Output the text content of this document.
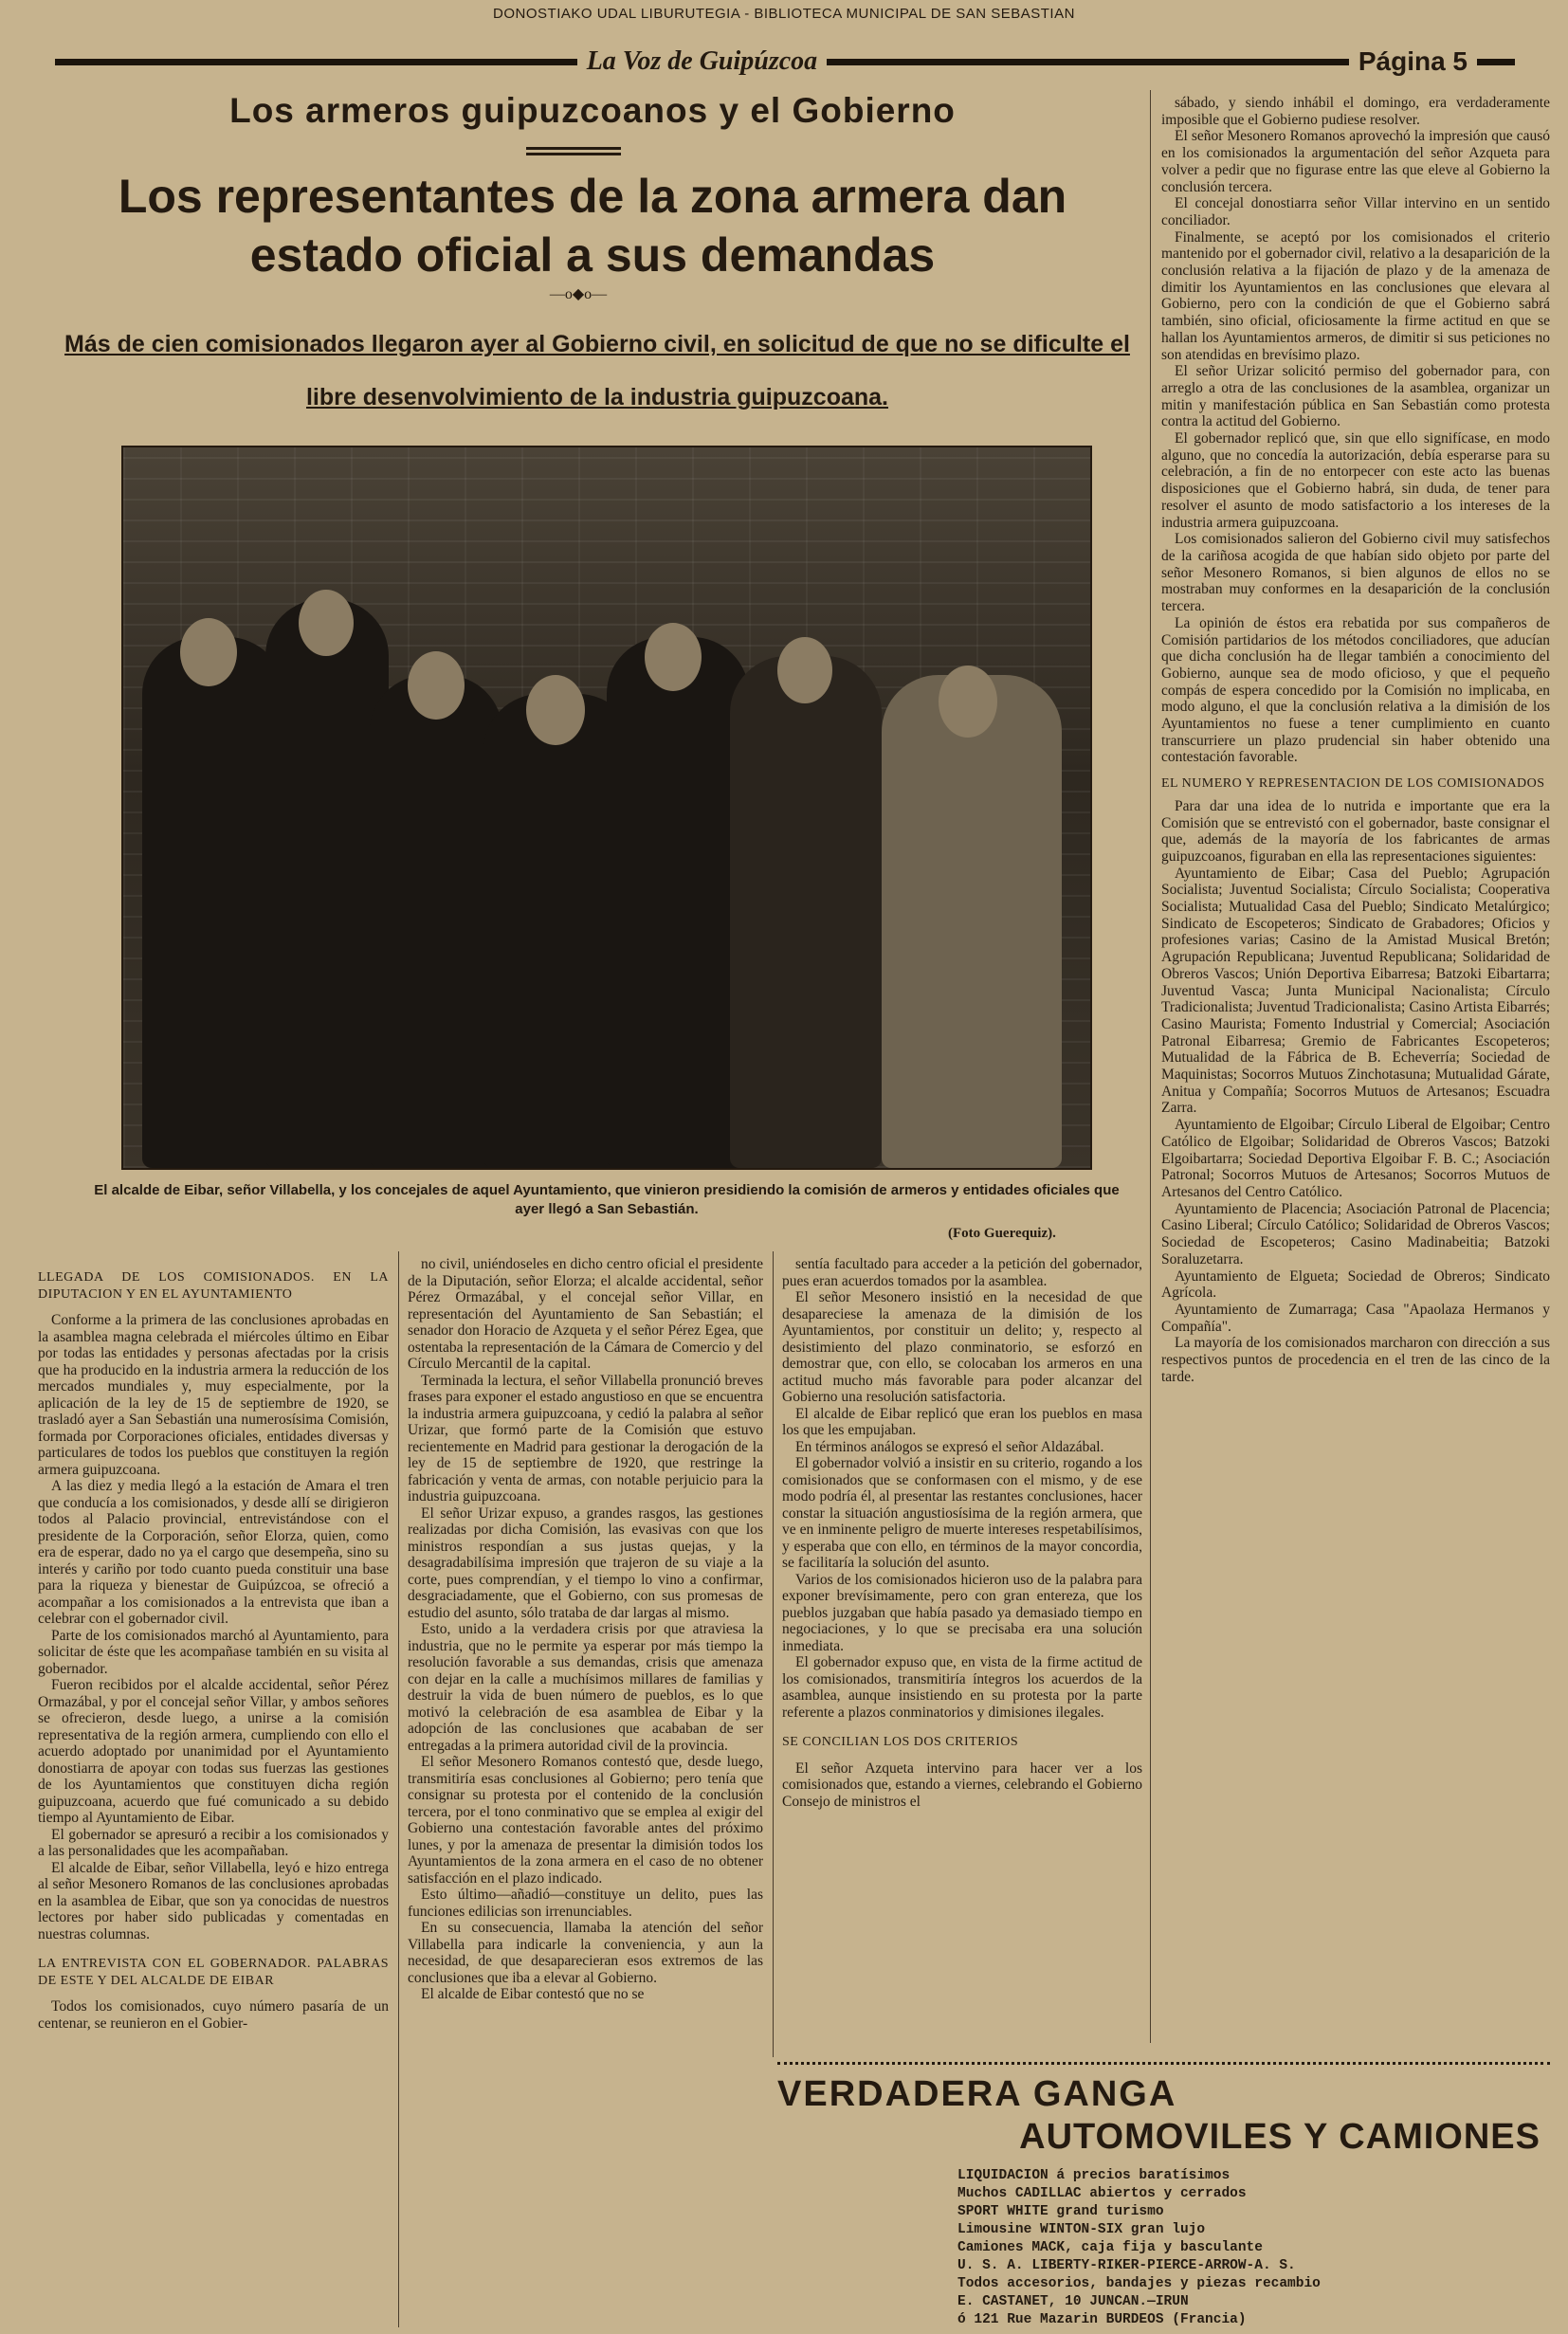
DONOSTIAKO UDAL LIBURUTEGIA - BIBLIOTECA MUNICIPAL DE SAN SEBASTIAN
La Voz de Guipúzcoa	Página 5
Los armeros guipuzcoanos y el Gobierno
Los representantes de la zona armera dan estado oficial a sus demandas
—o◆o—
Más de cien comisionados llegaron ayer al Gobierno civil, en solicitud de que no se dificulte el libre desenvolvimiento de la industria guipuzcoana.
El alcalde de Eibar, señor Villabella, y los concejales de aquel Ayuntamiento, que vinieron presidiendo la comisión de armeros y entidades oficiales que ayer llegó a San Sebastián.
(Foto Guerequiz).

sábado, y siendo inhábil el domingo, era verdaderamente imposible que el Gobierno pudiese resolver.

El señor Mesonero Romanos aprovechó la impresión que causó en los comisionados la argumentación del señor Azqueta para volver a pedir que no figurase entre las que eleve al Gobierno la conclusión tercera.

El concejal donostiarra señor Villar intervino en un sentido conciliador.

Finalmente, se aceptó por los comisionados el criterio mantenido por el gobernador civil, relativo a la desaparición de la conclusión relativa a la fijación de plazo y de la amenaza de dimitir los Ayuntamientos en las conclusiones que elevara al Gobierno, pero con la condición de que el Gobierno sabrá también, sino oficial, oficiosamente la firme actitud en que se hallan los Ayuntamientos armeros, de dimitir si sus peticiones no son atendidas en brevísimo plazo.

El señor Urizar solicitó permiso del gobernador para, con arreglo a otra de las conclusiones de la asamblea, organizar un mitin y manifestación pública en San Sebastián como protesta contra la actitud del Gobierno.

El gobernador replicó que, sin que ello signifícase, en modo alguno, que no concedía la autorización, debía esperarse para su celebración, a fin de no entorpecer con este acto las buenas disposiciones que el Gobierno habrá, sin duda, de tener para resolver el asunto de modo satisfactorio a los intereses de la industria armera guipuzcoana.

Los comisionados salieron del Gobierno civil muy satisfechos de la cariñosa acogida de que habían sido objeto por parte del señor Mesonero Romanos, si bien algunos de ellos no se mostraban muy conformes en la desaparición de la conclusión tercera.

La opinión de éstos era rebatida por sus compañeros de Comisión partidarios de los métodos conciliadores, que aducían que dicha conclusión ha de llegar también a conocimiento del Gobierno, aunque sea de modo oficioso, y que el pequeño compás de espera concedido por la Comisión no implicaba, en modo alguno, el que la conclusión relativa a la dimisión de los Ayuntamientos no fuese a tener cumplimiento en cuanto transcurriere un plazo prudencial sin haber obtenido una contestación favorable.

EL NUMERO Y REPRESENTACION DE LOS COMISIONADOS

Para dar una idea de lo nutrida e importante que era la Comisión que se entrevistó con el gobernador, baste consignar el que, además de la mayoría de los fabricantes de armas guipuzcoanos, figuraban en ella las representaciones siguientes:

Ayuntamiento de Eibar; Casa del Pueblo; Agrupación Socialista; Juventud Socialista; Círculo Socialista; Cooperativa Socialista; Mutualidad Casa del Pueblo; Sindicato Metalúrgico; Sindicato de Escopeteros; Sindicato de Grabadores; Oficios y profesiones varias; Casino de la Amistad Musical Bretón; Agrupación Republicana; Juventud Republicana; Solidaridad de Obreros Vascos; Unión Deportiva Eibarresa; Batzoki Eibartarra; Juventud Vasca; Junta Municipal Nacionalista; Círculo Tradicionalista; Juventud Tradicionalista; Casino Artista Eibarrés; Casino Maurista; Fomento Industrial y Comercial; Asociación Patronal Eibarresa; Gremio de Fabricantes Escopeteros; Mutualidad de la Fábrica de B. Echeverría; Sociedad de Maquinistas; Socorros Mutuos Zinchotasuna; Mutualidad Gárate, Anitua y Compañía; Socorros Mutuos de Artesanos; Escuadra Zarra.

Ayuntamiento de Elgoibar; Círculo Liberal de Elgoibar; Centro Católico de Elgoibar; Solidaridad de Obreros Vascos; Batzoki Elgoibartarra; Sociedad Deportiva Elgoibar F. B. C.; Asociación Patronal; Socorros Mutuos de Artesanos; Socorros Mutuos de Artesanos del Centro Católico.

Ayuntamiento de Placencia; Asociación Patronal de Placencia; Casino Liberal; Círculo Católico; Solidaridad de Obreros Vascos; Sociedad de Escopeteros; Casino Madinabeitia; Batzoki Soraluzetarra.

Ayuntamiento de Elgueta; Sociedad de Obreros; Sindicato Agrícola.

Ayuntamiento de Zumarraga; Casa "Apaolaza Hermanos y Compañía".

La mayoría de los comisionados marcharon con dirección a sus respectivos puntos de procedencia en el tren de las cinco de la tarde.

LLEGADA DE LOS COMISIONADOS. EN LA DIPUTACION Y EN EL AYUNTAMIENTO

Conforme a la primera de las conclusiones aprobadas en la asamblea magna celebrada el miércoles último en Eibar por todas las entidades y personas afectadas por la crisis que ha producido en la industria armera la reducción de los mercados mundiales y, muy especialmente, por la aplicación de la ley de 15 de septiembre de 1920, se trasladó ayer a San Sebastián una numerosísima Comisión, formada por Corporaciones oficiales, entidades diversas y particulares de todos los pueblos que constituyen la región armera guipuzcoana.

A las diez y media llegó a la estación de Amara el tren que conducía a los comisionados, y desde allí se dirigieron todos al Palacio provincial, entrevistándose con el presidente de la Corporación, señor Elorza, quien, como era de esperar, dado no ya el cargo que desempeña, sino su interés y cariño por todo cuanto pueda constituir una base para la riqueza y bienestar de Guipúzcoa, se ofreció a acompañar a los comisionados a la entrevista que iban a celebrar con el gobernador civil.

Parte de los comisionados marchó al Ayuntamiento, para solicitar de éste que les acompañase también en su visita al gobernador.

Fueron recibidos por el alcalde accidental, señor Pérez Ormazábal, y por el concejal señor Villar, y ambos señores se ofrecieron, desde luego, a unirse a la comisión representativa de la región armera, cumpliendo con ello el acuerdo adoptado por unanimidad por el Ayuntamiento donostiarra de apoyar con todas sus fuerzas las gestiones de los Ayuntamientos que constituyen dicha región guipuzcoana, acuerdo que fué comunicado a su debido tiempo al Ayuntamiento de Eibar.

El gobernador se apresuró a recibir a los comisionados y a las personalidades que les acompañaban.

El alcalde de Eibar, señor Villabella, leyó e hizo entrega al señor Mesonero Romanos de las conclusiones aprobadas en la asamblea de Eibar, que son ya conocidas de nuestros lectores por haber sido publicadas y comentadas en nuestras columnas.

LA ENTREVISTA CON EL GOBERNADOR. PALABRAS DE ESTE Y DEL ALCALDE DE EIBAR

Todos los comisionados, cuyo número pasaría de un centenar, se reunieron en el Gobier-

no civil, uniéndoseles en dicho centro oficial el presidente de la Diputación, señor Elorza; el alcalde accidental, señor Pérez Ormazábal, y el concejal señor Villar, en representación del Ayuntamiento de San Sebastián; el senador don Horacio de Azqueta y el señor Pérez Egea, que ostentaba la representación de la Cámara de Comercio y del Círculo Mercantil de la capital.

Terminada la lectura, el señor Villabella pronunció breves frases para exponer el estado angustioso en que se encuentra la industria armera guipuzcoana, y cedió la palabra al señor Urizar, que formó parte de la Comisión que estuvo recientemente en Madrid para gestionar la derogación de la ley de 15 de septiembre de 1920, que restringe la fabricación y venta de armas, con notable perjuicio para la industria guipuzcoana.

El señor Urizar expuso, a grandes rasgos, las gestiones realizadas por dicha Comisión, las evasivas con que los ministros respondían a sus justas quejas, y la desagradabilísima impresión que trajeron de su viaje a la corte, pues comprendían, y el tiempo lo vino a confirmar, desgraciadamente, que el Gobierno, con sus promesas de estudio del asunto, sólo trataba de dar largas al mismo.

Esto, unido a la verdadera crisis por que atraviesa la industria, que no le permite ya esperar por más tiempo la resolución favorable a sus demandas, crisis que amenaza con dejar en la calle a muchísimos millares de familias y destruir la vida de buen número de pueblos, es lo que motivó la celebración de esa asamblea de Eibar y la adopción de las conclusiones que acababan de ser entregadas a la primera autoridad civil de la provincia.

El señor Mesonero Romanos contestó que, desde luego, transmitiría esas conclusiones al Gobierno; pero tenía que consignar su protesta por el contenido de la conclusión tercera, por el tono conminativo que se emplea al exigir del Gobierno una contestación favorable antes del próximo lunes, y por la amenaza de presentar la dimisión todos los Ayuntamientos de la zona armera en el caso de no obtener satisfacción en el plazo indicado.

Esto último—añadió—constituye un delito, pues las funciones edilicias son irrenunciables.

En su consecuencia, llamaba la atención del señor Villabella para indicarle la conveniencia, y aun la necesidad, de que desaparecieran esos extremos de las conclusiones que iba a elevar al Gobierno.

El alcalde de Eibar contestó que no se

sentía facultado para acceder a la petición del gobernador, pues eran acuerdos tomados por la asamblea.

El señor Mesonero insistió en la necesidad de que desapareciese la amenaza de la dimisión de los Ayuntamientos, por constituir un delito; y, respecto al desistimiento del plazo conminatorio, se esforzó en demostrar que, con ello, se colocaban los armeros en una actitud mucho más favorable para poder alcanzar del Gobierno una resolución satisfactoria.

El alcalde de Eibar replicó que eran los pueblos en masa los que les empujaban.

En términos análogos se expresó el señor Aldazábal.

El gobernador volvió a insistir en su criterio, rogando a los comisionados que se conformasen con el mismo, y de ese modo podría él, al presentar las restantes conclusiones, hacer constar la situación angustiosísima de la región armera, que ve en inminente peligro de muerte intereses respetabilísimos, y esperaba que con ello, en términos de la mayor concordia, se facilitaría la solución del asunto.

Varios de los comisionados hicieron uso de la palabra para exponer brevísimamente, pero con gran entereza, que los pueblos juzgaban que había pasado ya demasiado tiempo en negociaciones, y lo que se precisaba era una solución inmediata.

El gobernador expuso que, en vista de la firme actitud de los comisionados, transmitiría íntegros los acuerdos de la asamblea, aunque insistiendo en su protesta por la parte referente a plazos conminatorios y dimisiones ilegales.

SE CONCILIAN LOS DOS CRITERIOS

El señor Azqueta intervino para hacer ver a los comisionados que, estando a viernes, celebrando el Gobierno Consejo de ministros el

VERDADERA GANGA
AUTOMOVILES Y CAMIONES
LIQUIDACION á precios baratísimos
Muchos CADILLAC abiertos y cerrados
SPORT WHITE grand turismo
Limousine WINTON-SIX gran lujo
Camiones MACK, caja fija y basculante
U. S. A. LIBERTY-RIKER-PIERCE-ARROW-A. S.
Todos accesorios, bandajes y piezas recambio
E. CASTANET, 10 JUNCAN.—IRUN
ó 121 Rue Mazarin BURDEOS (Francia)
